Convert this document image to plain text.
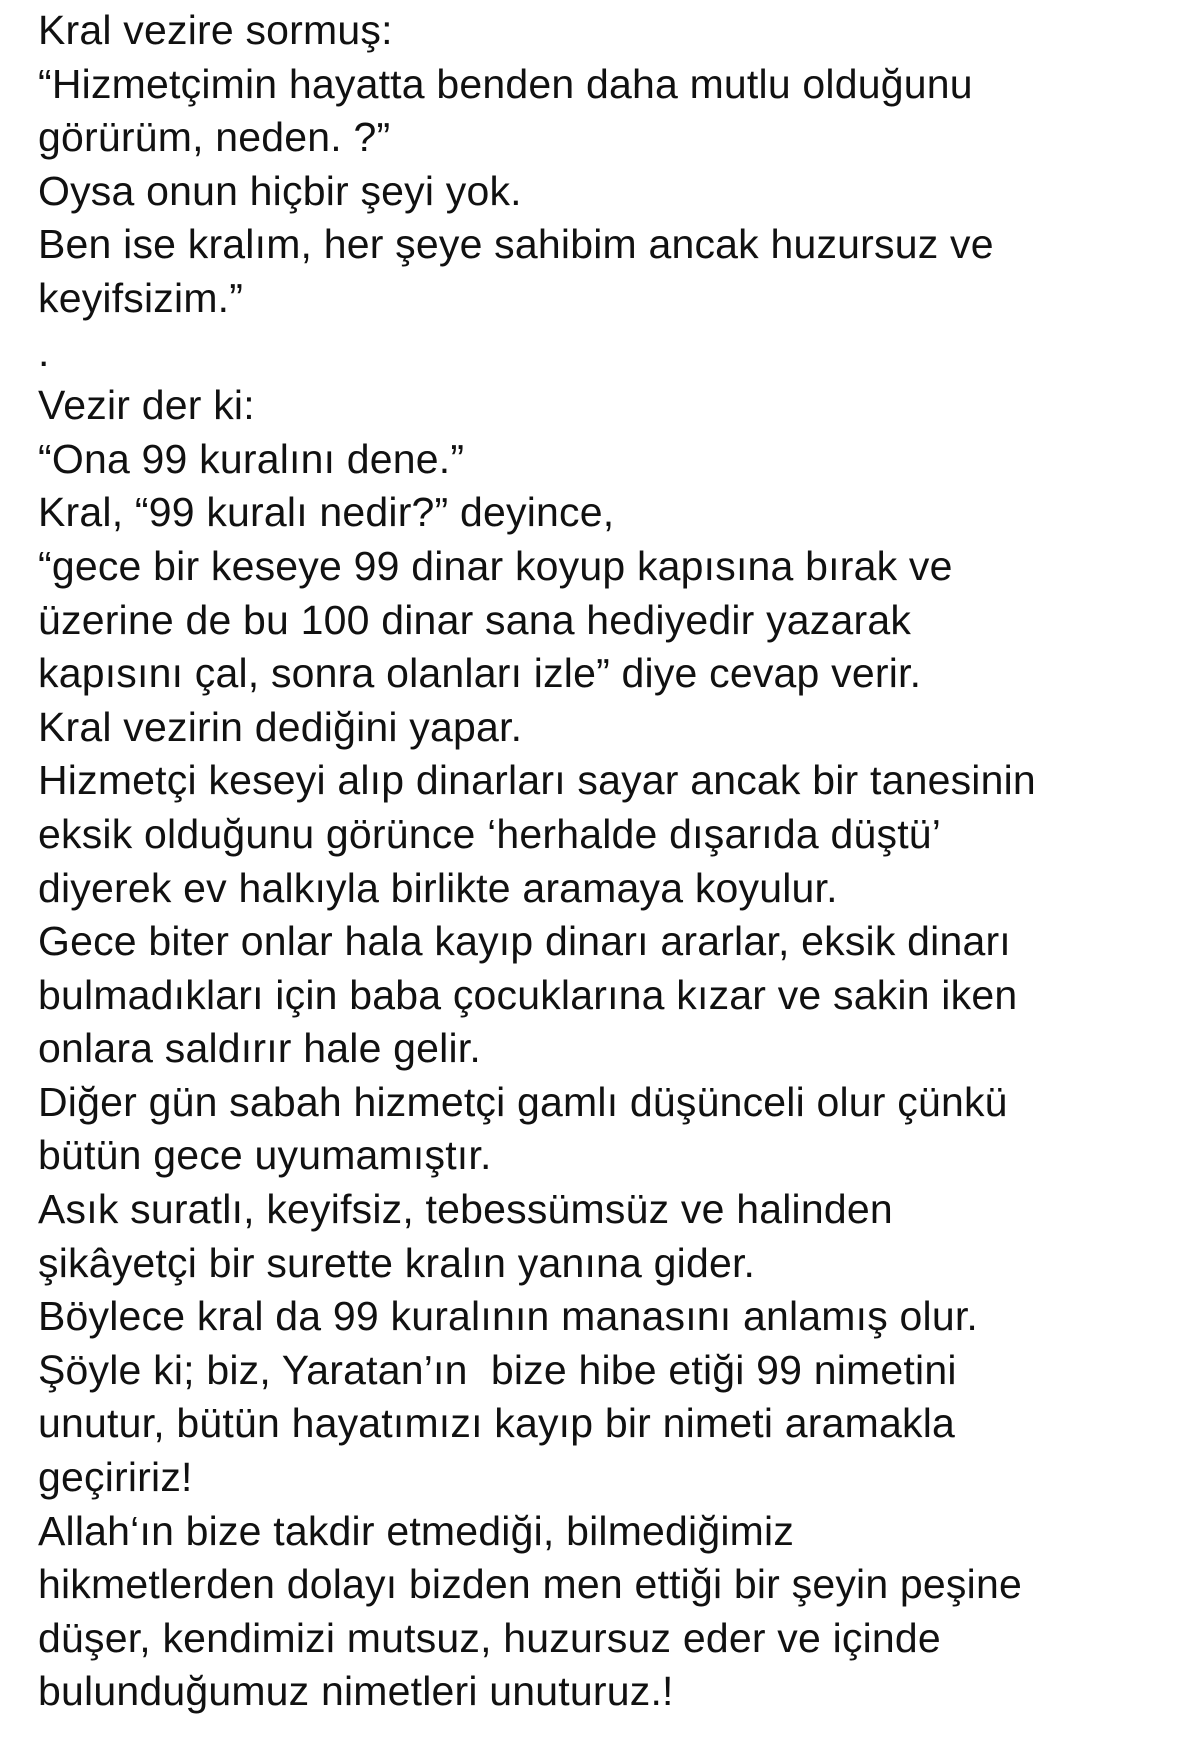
Kral vezire sormuş:
“Hizmetçimin hayatta benden daha mutlu olduğunu
görürüm, neden. ?”
Oysa onun hiçbir şeyi yok.
Ben ise kralım, her şeye sahibim ancak huzursuz ve
keyifsizim.”
.
Vezir der ki:
“Ona 99 kuralını dene.”
Kral, “99 kuralı nedir?” deyince,
“gece bir keseye 99 dinar koyup kapısına bırak ve
üzerine de bu 100 dinar sana hediyedir yazarak
kapısını çal, sonra olanları izle” diye cevap verir.
Kral vezirin dediğini yapar.
Hizmetçi keseyi alıp dinarları sayar ancak bir tanesinin
eksik olduğunu görünce ‘herhalde dışarıda düştü’
diyerek ev halkıyla birlikte aramaya koyulur.
Gece biter onlar hala kayıp dinarı ararlar, eksik dinarı
bulmadıkları için baba çocuklarına kızar ve sakin iken
onlara saldırır hale gelir.
Diğer gün sabah hizmetçi gamlı düşünceli olur çünkü
bütün gece uyumamıştır.
Asık suratlı, keyifsiz, tebessümsüz ve halinden
şikâyetçi bir surette kralın yanına gider.
Böylece kral da 99 kuralının manasını anlamış olur.
Şöyle ki; biz, Yaratan’ın  bize hibe etiği 99 nimetini
unutur, bütün hayatımızı kayıp bir nimeti aramakla
geçiririz!
Allah‘ın bize takdir etmediği, bilmediğimiz
hikmetlerden dolayı bizden men ettiği bir şeyin peşine
düşer, kendimizi mutsuz, huzursuz eder ve içinde
bulunduğumuz nimetleri unuturuz.!
